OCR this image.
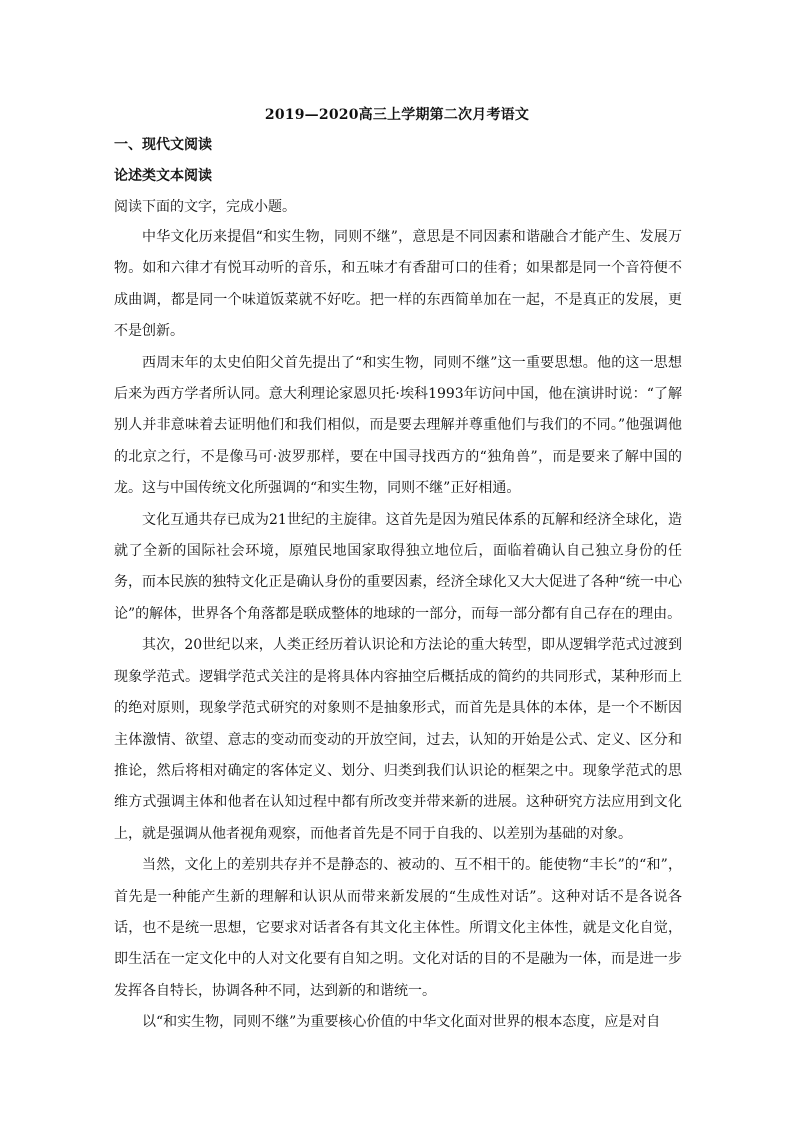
2019—2020高三上学期第二次月考语文
一、现代文阅读
论述类文本阅读
阅读下面的文字，完成小题。

中华文化历来提倡“和实生物，同则不继”，意思是不同因素和谐融合才能产生、发展万物。如和六律才有悦耳动听的音乐，和五味才有香甜可口的佳肴；如果都是同一个音符便不成曲调，都是同一个味道饭菜就不好吃。把一样的东西简单加在一起，不是真正的发展，更不是创新。

西周末年的太史伯阳父首先提出了“和实生物，同则不继”这一重要思想。他的这一思想后来为西方学者所认同。意大利理论家恩贝托·埃科1993年访问中国，他在演讲时说：“了解别人并非意味着去证明他们和我们相似，而是要去理解并尊重他们与我们的不同。”他强调他的北京之行，不是像马可·波罗那样，要在中国寻找西方的“独角兽”，而是要来了解中国的龙。这与中国传统文化所强调的“和实生物，同则不继”正好相通。

文化互通共存已成为21世纪的主旋律。这首先是因为殖民体系的瓦解和经济全球化，造就了全新的国际社会环境，原殖民地国家取得独立地位后，面临着确认自己独立身份的任务，而本民族的独特文化正是确认身份的重要因素，经济全球化又大大促进了各种“统一中心论”的解体，世界各个角落都是联成整体的地球的一部分，而每一部分都有自己存在的理由。

其次，20世纪以来，人类正经历着认识论和方法论的重大转型，即从逻辑学范式过渡到现象学范式。逻辑学范式关注的是将具体内容抽空后概括成的简约的共同形式，某种形而上的绝对原则，现象学范式研究的对象则不是抽象形式，而首先是具体的本体，是一个不断因主体激情、欲望、意志的变动而变动的开放空间，过去，认知的开始是公式、定义、区分和推论，然后将相对确定的客体定义、划分、归类到我们认识论的框架之中。现象学范式的思维方式强调主体和他者在认知过程中都有所改变并带来新的进展。这种研究方法应用到文化上，就是强调从他者视角观察，而他者首先是不同于自我的、以差别为基础的对象。

当然，文化上的差别共存并不是静态的、被动的、互不相干的。能使物“丰长”的“和”，首先是一种能产生新的理解和认识从而带来新发展的“生成性对话”。这种对话不是各说各话，也不是统一思想，它要求对话者各有其文化主体性。所谓文化主体性，就是文化自觉，即生活在一定文化中的人对文化要有自知之明。文化对话的目的不是融为一体，而是进一步发挥各自特长，协调各种不同，达到新的和谐统一。

以“和实生物，同则不继”为重要核心价值的中华文化面对世界的根本态度，应是对自
